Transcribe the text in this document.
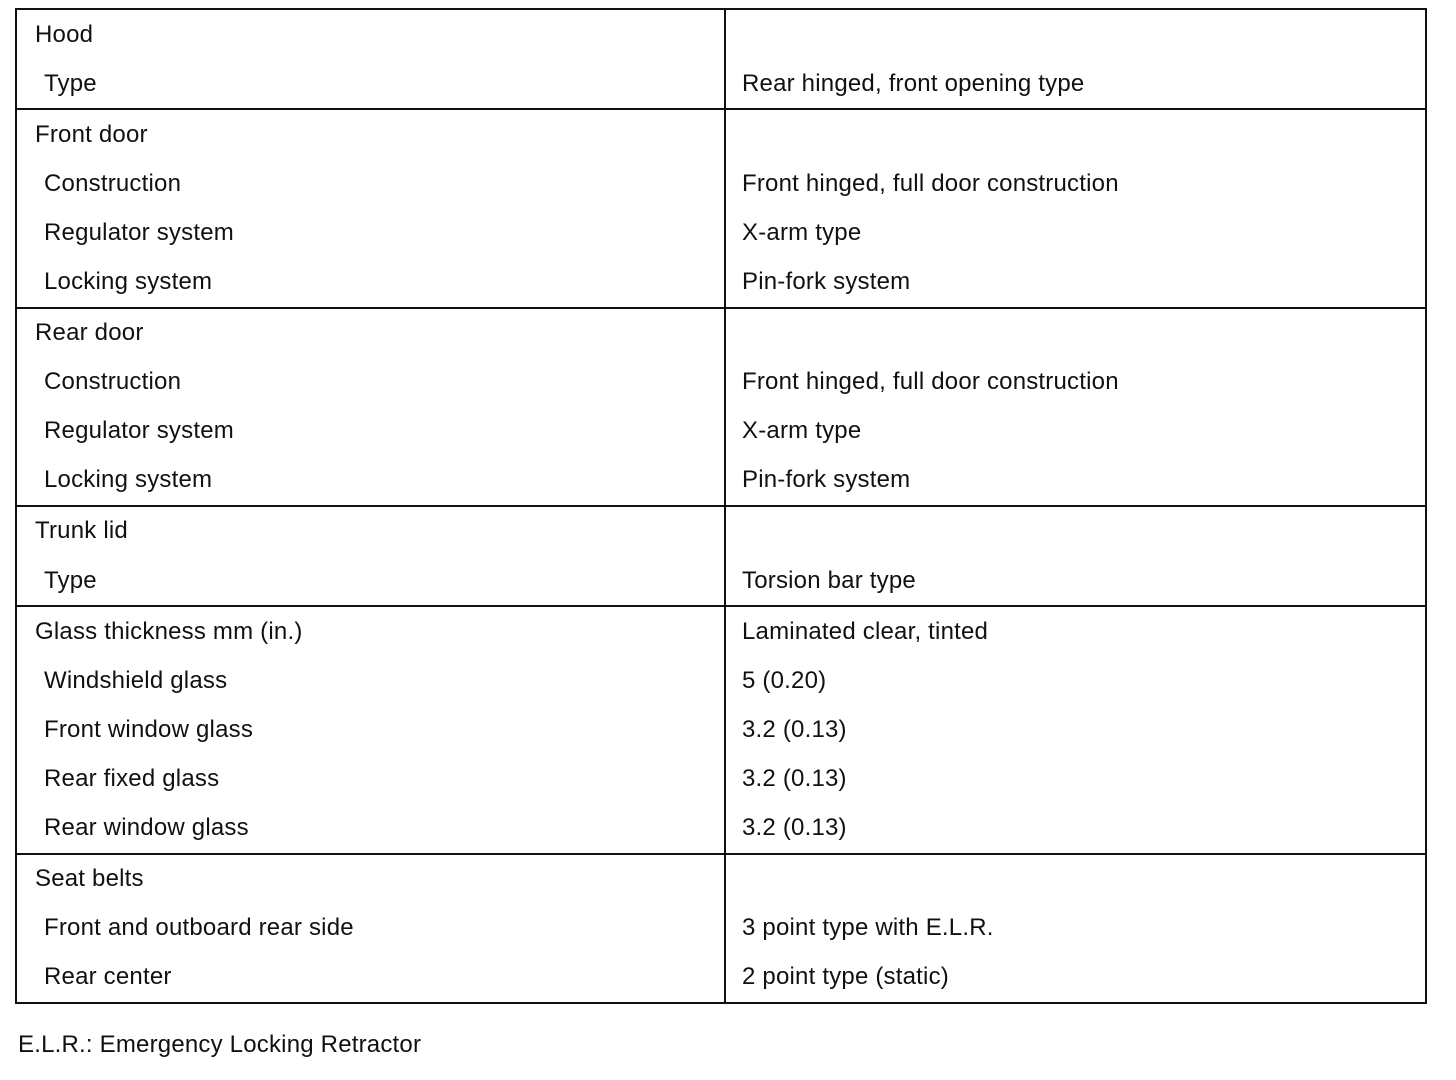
Hood	
Type	Rear hinged, front opening type
Front door	
Construction	Front hinged, full door construction
Regulator system	X-arm type
Locking system	Pin-fork system
Rear door	
Construction	Front hinged, full door construction
Regulator system	X-arm type
Locking system	Pin-fork system
Trunk lid	
Type	Torsion bar type
Glass thickness mm (in.)	Laminated clear, tinted
Windshield glass	5 (0.20)
Front window glass	3.2 (0.13)
Rear fixed glass	3.2 (0.13)
Rear window glass	3.2 (0.13)
Seat belts	
Front and outboard rear side	3 point type with E.L.R.
Rear center	2 point type (static)
E.L.R.: Emergency Locking Retractor
